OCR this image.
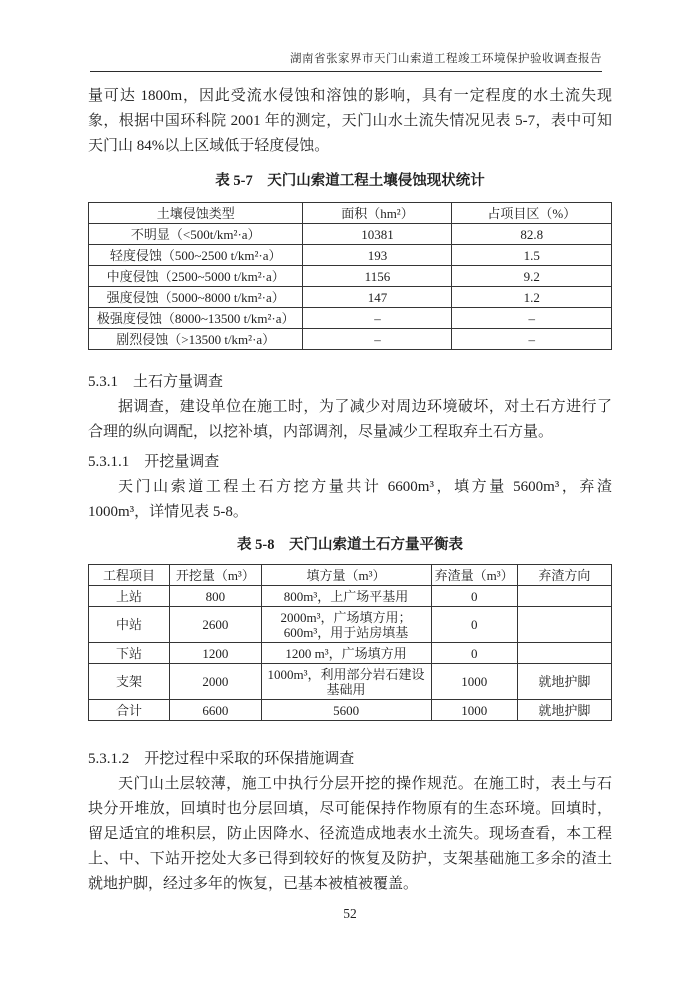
湖南省张家界市天门山索道工程竣工环境保护验收调查报告

量可达 1800m，因此受流水侵蚀和溶蚀的影响，具有一定程度的水土流失现象，根据中国环科院 2001 年的测定，天门山水土流失情况见表 5-7，表中可知天门山 84%以上区域低于轻度侵蚀。

表 5-7　天门山索道工程土壤侵蚀现状统计
土壤侵蚀类型	面积（hm²）	占项目区（%）
不明显（<500t/km²·a）	10381	82.8
轻度侵蚀（500~2500 t/km²·a）	193	1.5
中度侵蚀（2500~5000 t/km²·a）	1156	9.2
强度侵蚀（5000~8000 t/km²·a）	147	1.2
极强度侵蚀（8000~13500 t/km²·a）	–	–
剧烈侵蚀（>13500 t/km²·a）	–	–
5.3.1　土石方量调查

据调查，建设单位在施工时，为了减少对周边环境破坏，对土石方进行了合理的纵向调配，以挖补填，内部调剂，尽量减少工程取弃土石方量。

5.3.1.1　开挖量调查

天门山索道工程土石方挖方量共计 6600m³，填方量 5600m³，弃渣 1000m³，详情见表 5-8。

表 5-8　天门山索道土石方量平衡表
工程项目	开挖量（m³）	填方量（m³）	弃渣量（m³）	弃渣方向
上站	800	800m³，上广场平基用	0	
中站	2600	2000m³，广场填方用；600m³，用于站房填基	0	
下站	1200	1200 m³，广场填方用	0	
支架	2000	1000m³，利用部分岩石建设基础用	1000	就地护脚
合计	6600	5600	1000	就地护脚
5.3.1.2　开挖过程中采取的环保措施调查

天门山土层较薄，施工中执行分层开挖的操作规范。在施工时，表土与石块分开堆放，回填时也分层回填，尽可能保持作物原有的生态环境。回填时，留足适宜的堆积层，防止因降水、径流造成地表水土流失。现场查看，本工程上、中、下站开挖处大多已得到较好的恢复及防护，支架基础施工多余的渣土就地护脚，经过多年的恢复，已基本被植被覆盖。

52
